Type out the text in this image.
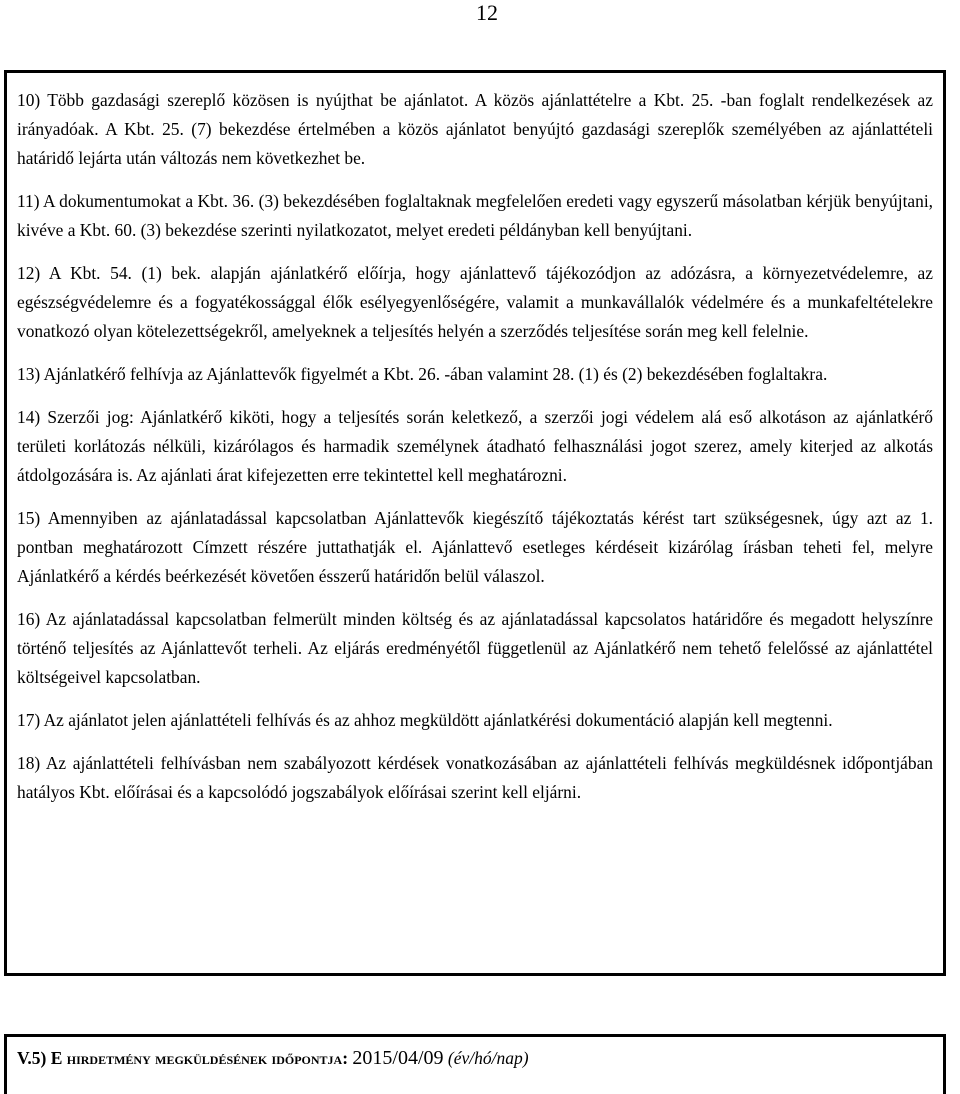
12

10) Több gazdasági szereplő közösen is nyújthat be ajánlatot. A közös ajánlattételre a Kbt. 25. -ban foglalt rendelkezések az irányadóak. A Kbt. 25. (7) bekezdése értelmében a közös ajánlatot benyújtó gazdasági szereplők személyében az ajánlattételi határidő lejárta után változás nem következhet be.

11) A dokumentumokat a Kbt. 36. (3) bekezdésében foglaltaknak megfelelően eredeti vagy egyszerű másolatban kérjük benyújtani, kivéve a Kbt. 60. (3) bekezdése szerinti nyilatkozatot, melyet eredeti példányban kell benyújtani.

12) A Kbt. 54. (1) bek. alapján ajánlatkérő előírja, hogy ajánlattevő tájékozódjon az adózásra, a környezetvédelemre, az egészségvédelemre és a fogyatékossággal élők esélyegyenlőségére, valamit a munkavállalók védelmére és a munkafeltételekre vonatkozó olyan kötelezettségekről, amelyeknek a teljesítés helyén a szerződés teljesítése során meg kell felelnie.

13) Ajánlatkérő felhívja az Ajánlattevők figyelmét a Kbt. 26. -ában valamint 28. (1) és (2) bekezdésében foglaltakra.

14) Szerzői jog: Ajánlatkérő kiköti, hogy a teljesítés során keletkező, a szerzői jogi védelem alá eső alkotáson az ajánlatkérő területi korlátozás nélküli, kizárólagos és harmadik személynek átadható felhasználási jogot szerez, amely kiterjed az alkotás átdolgozására is. Az ajánlati árat kifejezetten erre tekintettel kell meghatározni.

15) Amennyiben az ajánlatadással kapcsolatban Ajánlattevők kiegészítő tájékoztatás kérést tart szükségesnek, úgy azt az 1. pontban meghatározott Címzett részére juttathatják el. Ajánlattevő esetleges kérdéseit kizárólag írásban teheti fel, melyre Ajánlatkérő a kérdés beérkezését követően ésszerű határidőn belül válaszol.

16) Az ajánlatadással kapcsolatban felmerült minden költség és az ajánlatadással kapcsolatos határidőre és megadott helyszínre történő teljesítés az Ajánlattevőt terheli. Az eljárás eredményétől függetlenül az Ajánlatkérő nem tehető felelőssé az ajánlattétel költségeivel kapcsolatban.

17) Az ajánlatot jelen ajánlattételi felhívás és az ahhoz megküldött ajánlatkérési dokumentáció alapján kell megtenni.

18) Az ajánlattételi felhívásban nem szabályozott kérdések vonatkozásában az ajánlattételi felhívás megküldésnek időpontjában hatályos Kbt. előírásai és a kapcsolódó jogszabályok előírásai szerint kell eljárni.

V.5) E hirdetmény megküldésének időpontja: 2015/04/09 (év/hó/nap)
